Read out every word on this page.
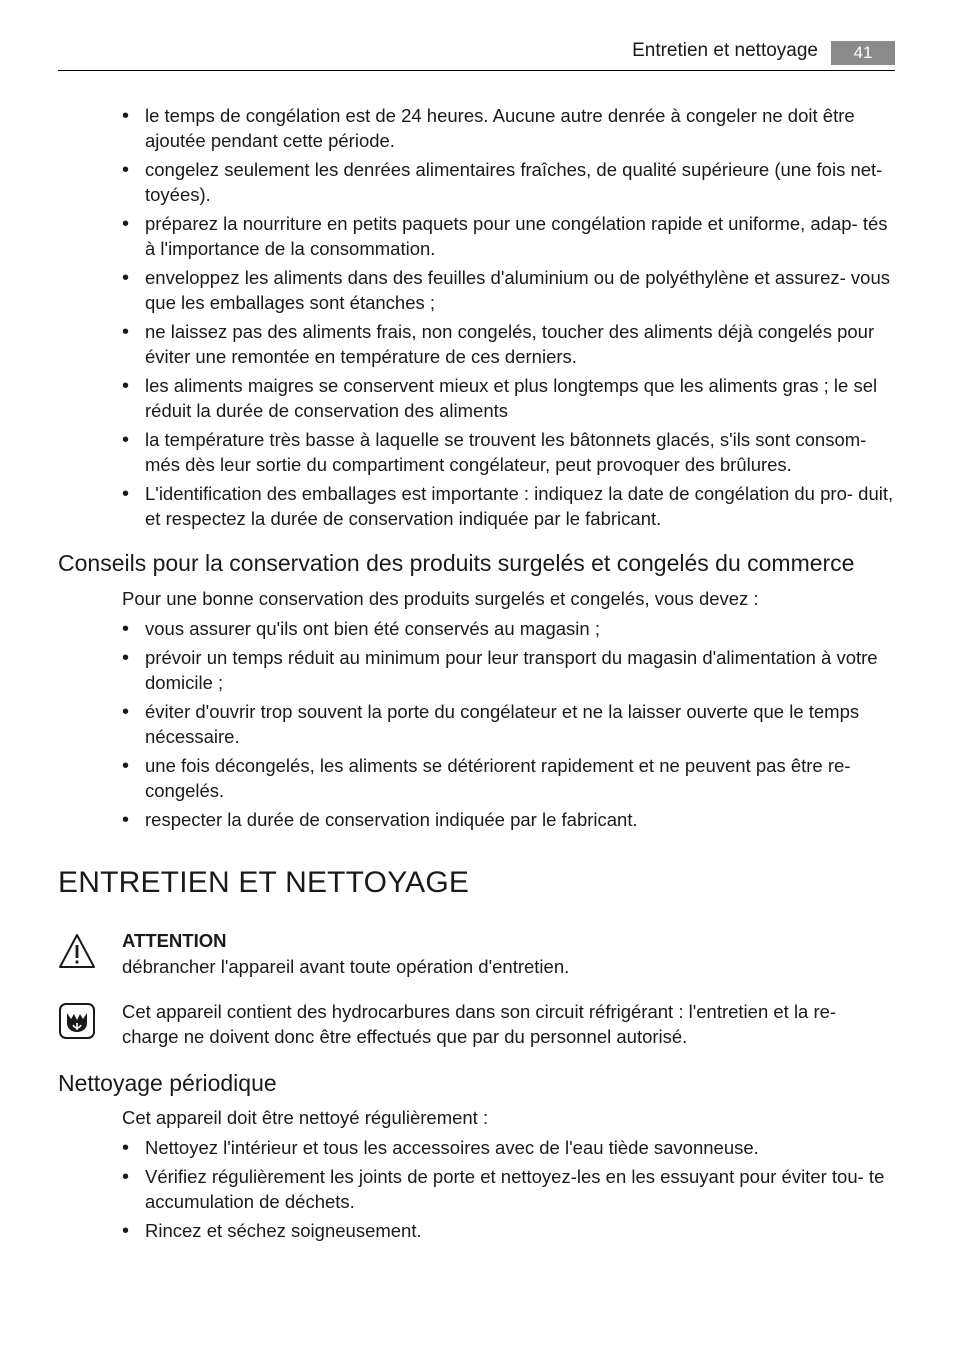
Entretien et nettoyage	41
• le temps de congélation est de 24 heures. Aucune autre denrée à congeler ne doit être ajoutée pendant cette période.
• congelez seulement les denrées alimentaires fraîches, de qualité supérieure (une fois net- toyées).
• préparez la nourriture en petits paquets pour une congélation rapide et uniforme, adap- tés à l'importance de la consommation.
• enveloppez les aliments dans des feuilles d'aluminium ou de polyéthylène et assurez- vous que les emballages sont étanches ;
• ne laissez pas des aliments frais, non congelés, toucher des aliments déjà congelés pour éviter une remontée en température de ces derniers.
• les aliments maigres se conservent mieux et plus longtemps que les aliments gras ; le sel réduit la durée de conservation des aliments
• la température très basse à laquelle se trouvent les bâtonnets glacés, s'ils sont consom- més dès leur sortie du compartiment congélateur, peut provoquer des brûlures.
• L'identification des emballages est importante : indiquez la date de congélation du pro- duit, et respectez la durée de conservation indiquée par le fabricant.
Conseils pour la conservation des produits surgelés et congelés du commerce

Pour une bonne conservation des produits surgelés et congelés, vous devez :

• vous assurer qu'ils ont bien été conservés au magasin ;
• prévoir un temps réduit au minimum pour leur transport du magasin d'alimentation à votre domicile ;
• éviter d'ouvrir trop souvent la porte du congélateur et ne la laisser ouverte que le temps nécessaire.
• une fois décongelés, les aliments se détériorent rapidement et ne peuvent pas être re- congelés.
• respecter la durée de conservation indiquée par le fabricant.
ENTRETIEN ET NETTOYAGE
ATTENTION
débrancher l'appareil avant toute opération d'entretien.
Cet appareil contient des hydrocarbures dans son circuit réfrigérant : l'entretien et la re- charge ne doivent donc être effectués que par du personnel autorisé.
Nettoyage périodique

Cet appareil doit être nettoyé régulièrement :

• Nettoyez l'intérieur et tous les accessoires avec de l'eau tiède savonneuse.
• Vérifiez régulièrement les joints de porte et nettoyez-les en les essuyant pour éviter tou- te accumulation de déchets.
• Rincez et séchez soigneusement.
